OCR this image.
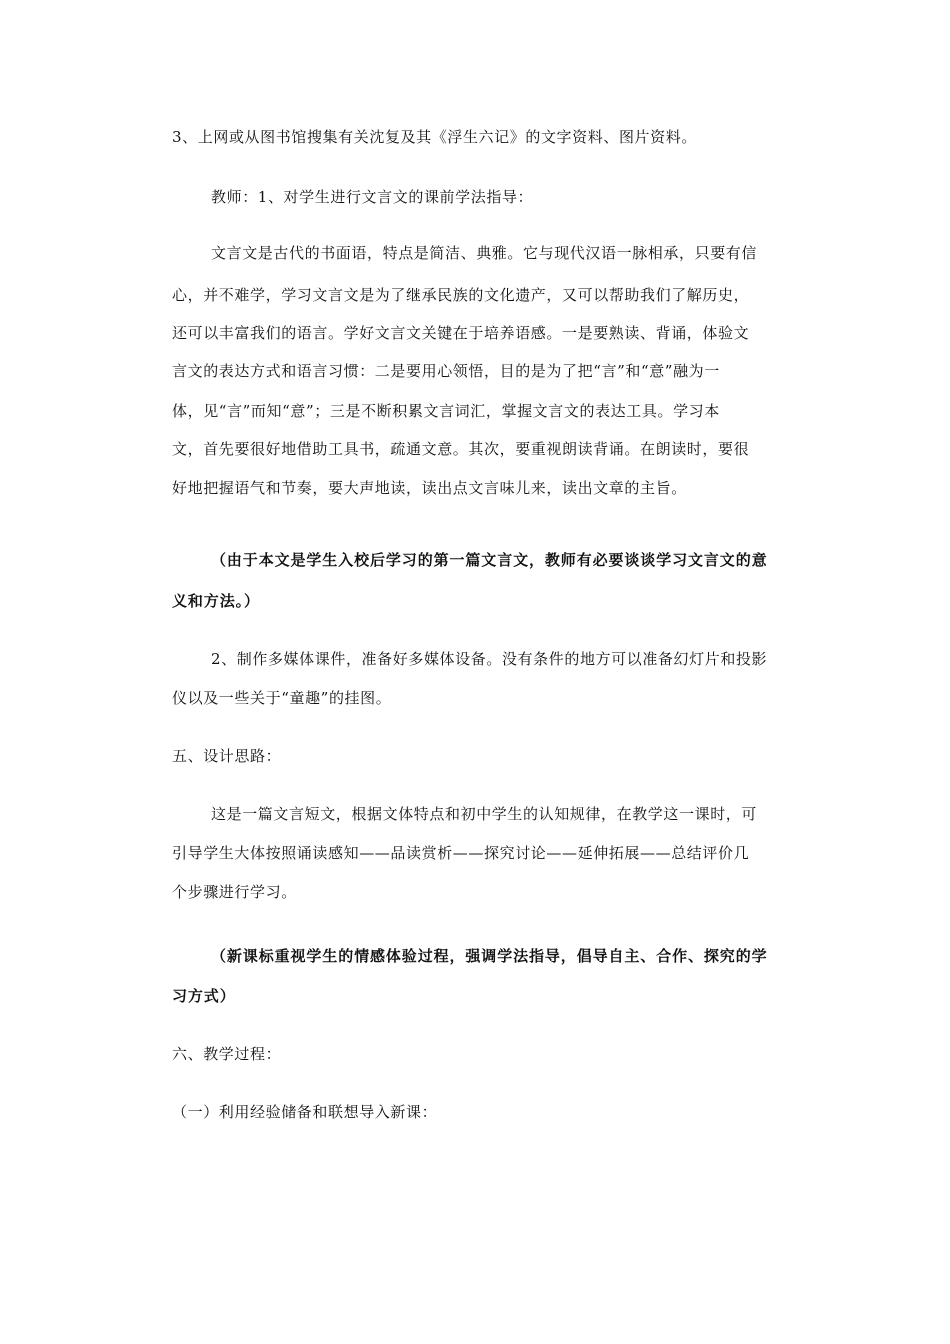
3、上网或从图书馆搜集有关沈复及其《浮生六记》的文字资料、图片资料。
教师：1、对学生进行文言文的课前学法指导：
文言文是古代的书面语，特点是简洁、典雅。它与现代汉语一脉相承，只要有信
心，并不难学，学习文言文是为了继承民族的文化遗产，又可以帮助我们了解历史，
还可以丰富我们的语言。学好文言文关键在于培养语感。一是要熟读、背诵，体验文
言文的表达方式和语言习惯：二是要用心领悟，目的是为了把“言”和“意”融为一
体，见“言”而知“意”；三是不断积累文言词汇，掌握文言文的表达工具。学习本
文，首先要很好地借助工具书，疏通文意。其次，要重视朗读背诵。在朗读时，要很
好地把握语气和节奏，要大声地读，读出点文言味儿来，读出文章的主旨。
（由于本文是学生入校后学习的第一篇文言文，教师有必要谈谈学习文言文的意
义和方法。）
2、制作多媒体课件，准备好多媒体设备。没有条件的地方可以准备幻灯片和投影
仪以及一些关于“童趣”的挂图。
五、设计思路：
这是一篇文言短文，根据文体特点和初中学生的认知规律，在教学这一课时，可
引导学生大体按照诵读感知——品读赏析——探究讨论——延伸拓展——总结评价几
个步骤进行学习。
（新课标重视学生的情感体验过程，强调学法指导，倡导自主、合作、探究的学
习方式）
六、教学过程：
（一）利用经验储备和联想导入新课：
